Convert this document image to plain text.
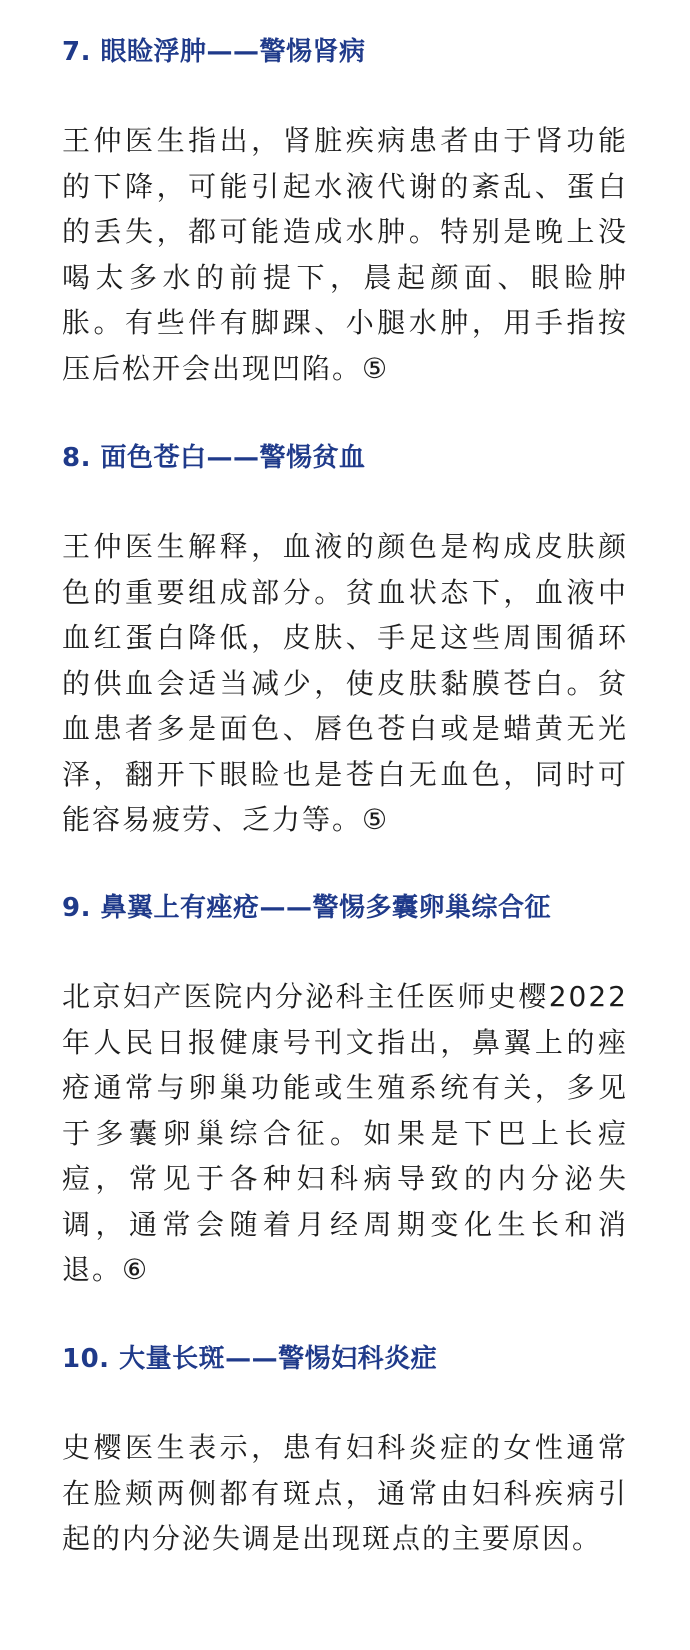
7. 眼睑浮肿——警惕肾病
王仲医生指出，肾脏疾病患者由于肾功能的下降，可能引起水液代谢的紊乱、蛋白的丢失，都可能造成水肿。特别是晚上没喝太多水的前提下，晨起颜面、眼睑肿胀。有些伴有脚踝、小腿水肿，用手指按压后松开会出现凹陷。⑤
8. 面色苍白——警惕贫血
王仲医生解释，血液的颜色是构成皮肤颜色的重要组成部分。贫血状态下，血液中血红蛋白降低，皮肤、手足这些周围循环的供血会适当减少，使皮肤黏膜苍白。贫血患者多是面色、唇色苍白或是蜡黄无光泽，翻开下眼睑也是苍白无血色，同时可能容易疲劳、乏力等。⑤
9. 鼻翼上有痤疮——警惕多囊卵巢综合征
北京妇产医院内分泌科主任医师史樱2022年人民日报健康号刊文指出，鼻翼上的痤疮通常与卵巢功能或生殖系统有关，多见于多囊卵巢综合征。如果是下巴上长痘痘，常见于各种妇科病导致的内分泌失调，通常会随着月经周期变化生长和消退。⑥
10. 大量长斑——警惕妇科炎症
史樱医生表示，患有妇科炎症的女性通常在脸颊两侧都有斑点，通常由妇科疾病引起的内分泌失调是出现斑点的主要原因。
